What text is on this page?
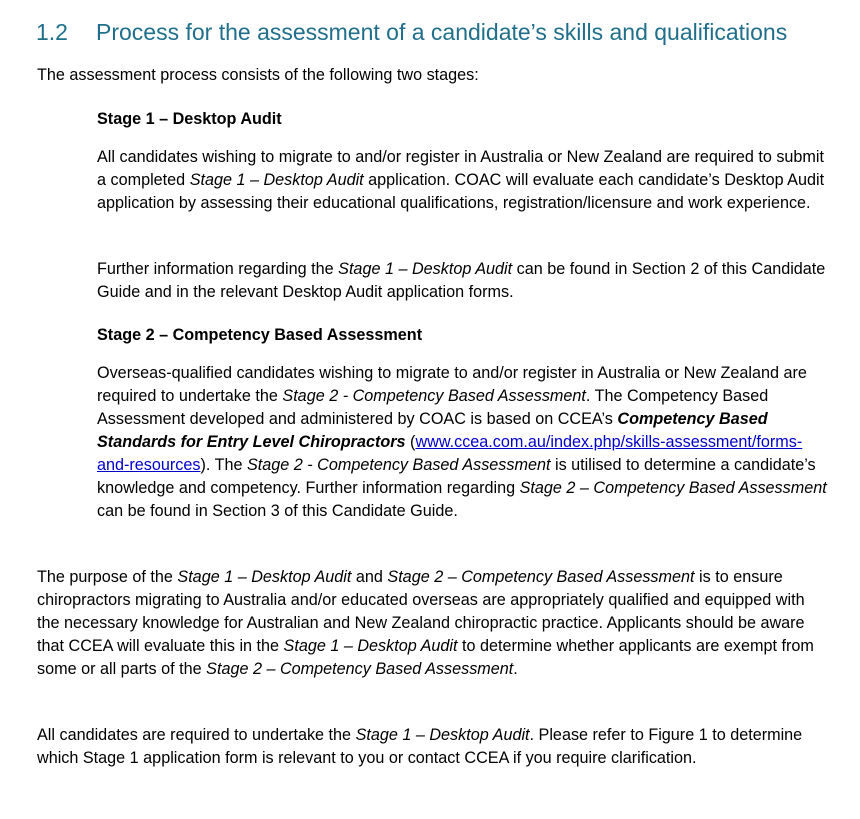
1.2 Process for the assessment of a candidate’s skills and qualifications

The assessment process consists of the following two stages:

Stage 1 – Desktop Audit

All candidates wishing to migrate to and/or register in Australia or New Zealand are required to submit a completed Stage 1 – Desktop Audit application. COAC will evaluate each candidate’s Desktop Audit application by assessing their educational qualifications, registration/licensure and work experience.

Further information regarding the Stage 1 – Desktop Audit can be found in Section 2 of this Candidate Guide and in the relevant Desktop Audit application forms.

Stage 2 – Competency Based Assessment

Overseas-qualified candidates wishing to migrate to and/or register in Australia or New Zealand are required to undertake the Stage 2 - Competency Based Assessment. The Competency Based Assessment developed and administered by COAC is based on CCEA’s Competency Based Standards for Entry Level Chiropractors (www.ccea.com.au/index.php/skills-assessment/forms-and-resources). The Stage 2 - Competency Based Assessment is utilised to determine a candidate’s knowledge and competency. Further information regarding Stage 2 – Competency Based Assessment can be found in Section 3 of this Candidate Guide.

The purpose of the Stage 1 – Desktop Audit and Stage 2 – Competency Based Assessment is to ensure chiropractors migrating to Australia and/or educated overseas are appropriately qualified and equipped with the necessary knowledge for Australian and New Zealand chiropractic practice. Applicants should be aware that CCEA will evaluate this in the Stage 1 – Desktop Audit to determine whether applicants are exempt from some or all parts of the Stage 2 – Competency Based Assessment.

All candidates are required to undertake the Stage 1 – Desktop Audit. Please refer to Figure 1 to determine which Stage 1 application form is relevant to you or contact CCEA if you require clarification.
